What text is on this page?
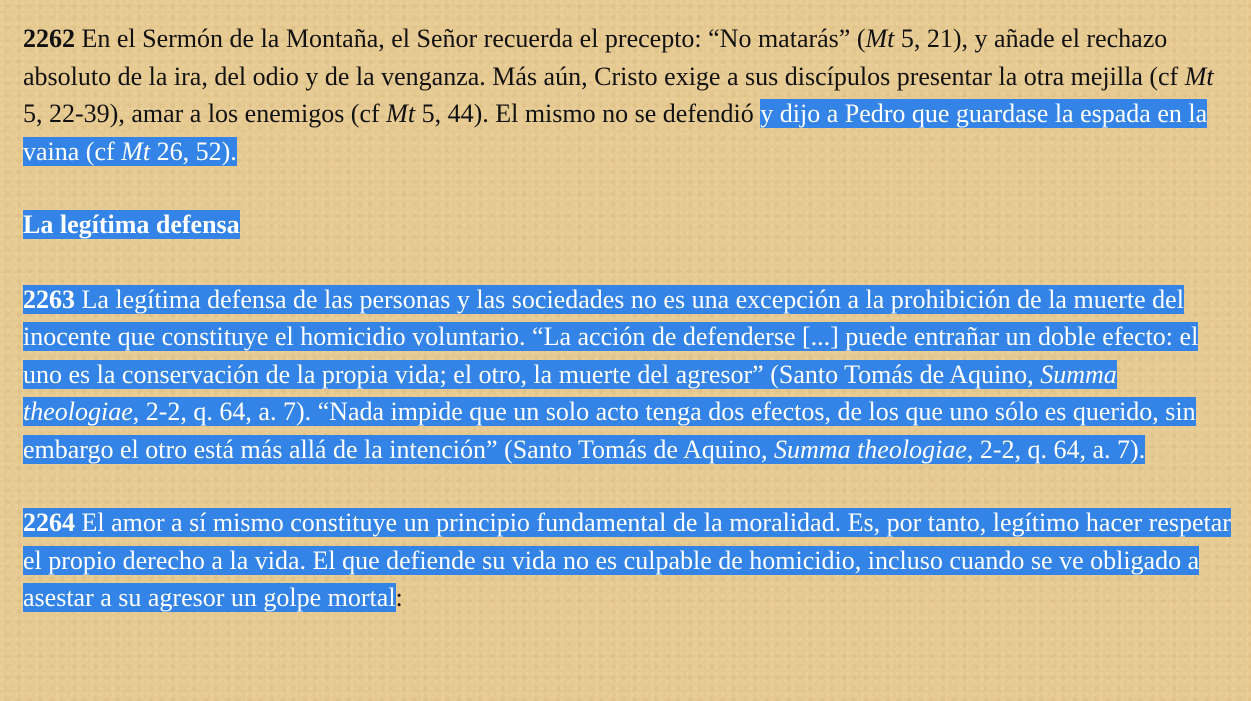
2262 En el Sermón de la Montaña, el Señor recuerda el precepto: “No matarás” (Mt 5, 21), y añade el rechazo absoluto de la ira, del odio y de la venganza. Más aún, Cristo exige a sus discípulos presentar la otra mejilla (cf Mt 5, 22-39), amar a los enemigos (cf Mt 5, 44). El mismo no se defendió y dijo a Pedro que guardase la espada en la vaina (cf Mt 26, 52).

La legítima defensa

2263 La legítima defensa de las personas y las sociedades no es una excepción a la prohibición de la muerte del inocente que constituye el homicidio voluntario. “La acción de defenderse [...] puede entrañar un doble efecto: el uno es la conservación de la propia vida; el otro, la muerte del agresor” (Santo Tomás de Aquino, Summa theologiae, 2-2, q. 64, a. 7). “Nada impide que un solo acto tenga dos efectos, de los que uno sólo es querido, sin embargo el otro está más allá de la intención” (Santo Tomás de Aquino, Summa theologiae, 2-2, q. 64, a. 7).

2264 El amor a sí mismo constituye un principio fundamental de la moralidad. Es, por tanto, legítimo hacer respetar el propio derecho a la vida. El que defiende su vida no es culpable de homicidio, incluso cuando se ve obligado a asestar a su agresor un golpe mortal:
